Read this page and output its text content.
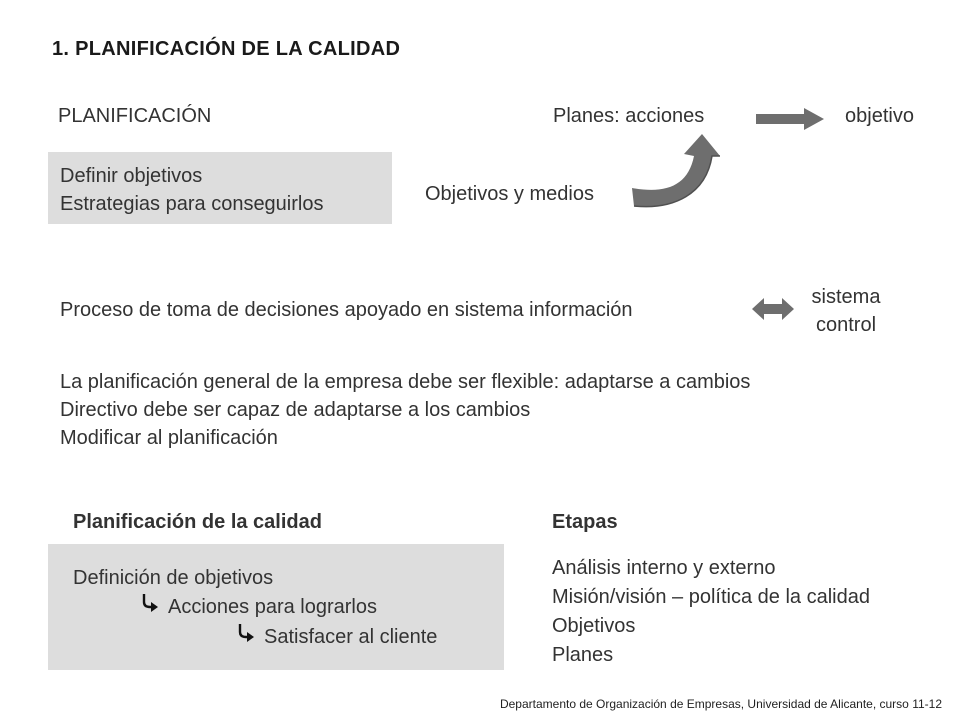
1. PLANIFICACIÓN DE LA CALIDAD
PLANIFICACIÓN
Definir objetivos
Estrategias para conseguirlos
Planes: acciones	objetivo
Objetivos y medios
Proceso de toma de decisiones apoyado en sistema información
sistema
control
La planificación general de la empresa debe ser flexible: adaptarse a cambios
Directivo debe ser capaz de adaptarse a los cambios
Modificar al planificación
Planificación de la calidad
Definición de objetivos
Acciones para lograrlos
Satisfacer al cliente
Etapas
Análisis interno y externo
Misión/visión – política de la calidad
Objetivos
Planes
Departamento de Organización de Empresas, Universidad de Alicante, curso 11-12
